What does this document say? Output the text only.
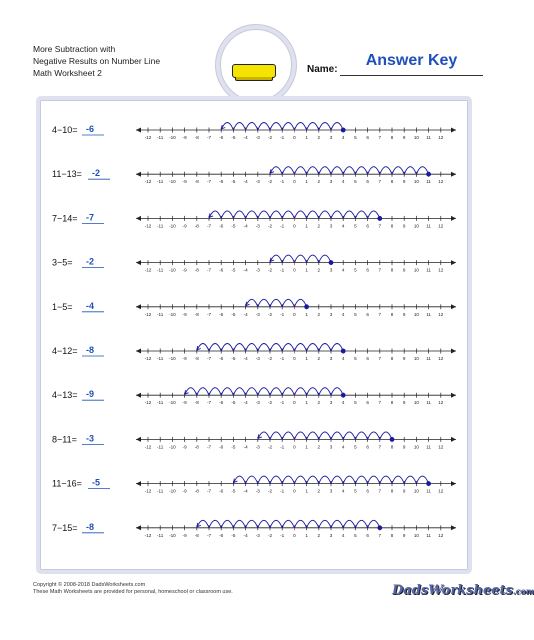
More Subtraction with
Negative Results on Number Line
Math Worksheet 2	Name:
Answer Key
4−10= -6
-12 -11 -10 -9 -8 -7 -6 -5 -4 -3 -2 -1 0 1 2 3 4 5 6 7 8 9 10 11 12
11−13= -2
-12 -11 -10 -9 -8 -7 -6 -5 -4 -3 -2 -1 0 1 2 3 4 5 6 7 8 9 10 11 12
7−14= -7
-12 -11 -10 -9 -8 -7 -6 -5 -4 -3 -2 -1 0 1 2 3 4 5 6 7 8 9 10 11 12
3−5= -2
-12 -11 -10 -9 -8 -7 -6 -5 -4 -3 -2 -1 0 1 2 3 4 5 6 7 8 9 10 11 12
1−5= -4
-12 -11 -10 -9 -8 -7 -6 -5 -4 -3 -2 -1 0 1 2 3 4 5 6 7 8 9 10 11 12
4−12= -8
-12 -11 -10 -9 -8 -7 -6 -5 -4 -3 -2 -1 0 1 2 3 4 5 6 7 8 9 10 11 12
4−13= -9
-12 -11 -10 -9 -8 -7 -6 -5 -4 -3 -2 -1 0 1 2 3 4 5 6 7 8 9 10 11 12
8−11= -3
-12 -11 -10 -9 -8 -7 -6 -5 -4 -3 -2 -1 0 1 2 3 4 5 6 7 8 9 10 11 12
11−16= -5
-12 -11 -10 -9 -8 -7 -6 -5 -4 -3 -2 -1 0 1 2 3 4 5 6 7 8 9 10 11 12
7−15= -8
-12 -11 -10 -9 -8 -7 -6 -5 -4 -3 -2 -1 0 1 2 3 4 5 6 7 8 9 10 11 12
Copyright © 2008-2018 DadsWorksheets.com
These Math Worksheets are provided for personal, homeschool or classroom use.	DadsWorksheets.com
